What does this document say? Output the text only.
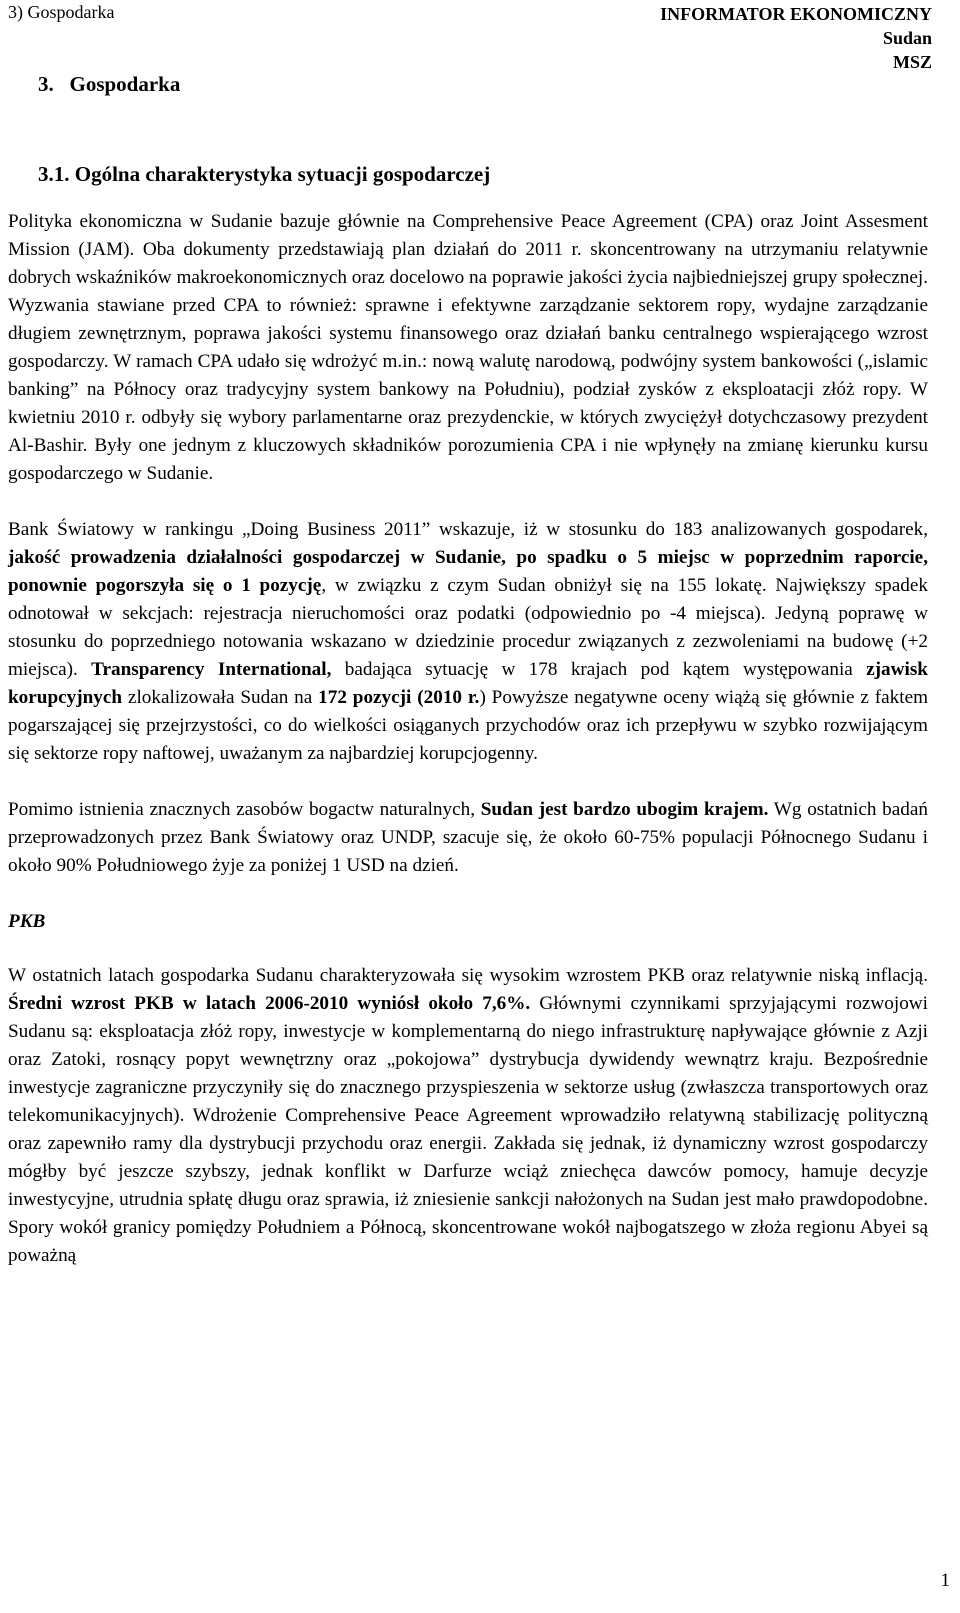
3) Gospodarka	INFORMATOR EKONOMICZNY
Sudan
MSZ
3.   Gospodarka
3.1. Ogólna charakterystyka sytuacji gospodarczej

Polityka ekonomiczna w Sudanie bazuje głównie na Comprehensive Peace Agreement (CPA) oraz Joint Assesment Mission (JAM). Oba dokumenty przedstawiają plan działań do 2011 r. skoncentrowany na utrzymaniu relatywnie dobrych wskaźników makroekonomicznych oraz docelowo na poprawie jakości życia najbiedniejszej grupy społecznej. Wyzwania stawiane przed CPA to również: sprawne i efektywne zarządzanie sektorem ropy, wydajne zarządzanie długiem zewnętrznym, poprawa jakości systemu finansowego oraz działań banku centralnego wspierającego wzrost gospodarczy. W ramach CPA udało się wdrożyć m.in.: nową walutę narodową, podwójny system bankowości („islamic banking” na Północy oraz tradycyjny system bankowy na Południu), podział zysków z eksploatacji złóż ropy. W kwietniu 2010 r. odbyły się wybory parlamentarne oraz prezydenckie, w których zwyciężył dotychczasowy prezydent Al-Bashir. Były one jednym z kluczowych składników porozumienia CPA i nie wpłynęły na zmianę kierunku kursu gospodarczego w Sudanie.

Bank Światowy w rankingu „Doing Business 2011” wskazuje, iż w stosunku do 183 analizowanych gospodarek, jakość prowadzenia działalności gospodarczej w Sudanie, po spadku o 5 miejsc w poprzednim raporcie, ponownie pogorszyła się o 1 pozycję, w związku z czym Sudan obniżył się na 155 lokatę. Największy spadek odnotował w sekcjach: rejestracja nieruchomości oraz podatki (odpowiednio po -4 miejsca). Jedyną poprawę w stosunku do poprzedniego notowania wskazano w dziedzinie procedur związanych z zezwoleniami na budowę (+2 miejsca). Transparency International, badająca sytuację w 178 krajach pod kątem występowania zjawisk korupcyjnych zlokalizowała Sudan na 172 pozycji (2010 r.) Powyższe negatywne oceny wiążą się głównie z faktem pogarszającej się przejrzystości, co do wielkości osiąganych przychodów oraz ich przepływu w szybko rozwijającym się sektorze ropy naftowej, uważanym za najbardziej korupcjogenny.

Pomimo istnienia znacznych zasobów bogactw naturalnych, Sudan jest bardzo ubogim krajem. Wg ostatnich badań przeprowadzonych przez Bank Światowy oraz UNDP, szacuje się, że około 60-75% populacji Północnego Sudanu i około 90% Południowego żyje za poniżej 1 USD na dzień.

PKB

W ostatnich latach gospodarka Sudanu charakteryzowała się wysokim wzrostem PKB oraz relatywnie niską inflacją. Średni wzrost PKB w latach 2006-2010 wyniósł około 7,6%. Głównymi czynnikami sprzyjającymi rozwojowi Sudanu są: eksploatacja złóż ropy, inwestycje w komplementarną do niego infrastrukturę napływające głównie z Azji oraz Zatoki, rosnący popyt wewnętrzny oraz „pokojowa” dystrybucja dywidendy wewnątrz kraju. Bezpośrednie inwestycje zagraniczne przyczyniły się do znacznego przyspieszenia w sektorze usług (zwłaszcza transportowych oraz telekomunikacyjnych). Wdrożenie Comprehensive Peace Agreement wprowadziło relatywną stabilizację polityczną oraz zapewniło ramy dla dystrybucji przychodu oraz energii. Zakłada się jednak, iż dynamiczny wzrost gospodarczy mógłby być jeszcze szybszy, jednak konflikt w Darfurze wciąż zniechęca dawców pomocy, hamuje decyzje inwestycyjne, utrudnia spłatę długu oraz sprawia, iż zniesienie sankcji nałożonych na Sudan jest mało prawdopodobne. Spory wokół granicy pomiędzy Południem a Północą, skoncentrowane wokół najbogatszego w złoża regionu Abyei są poważną

1
